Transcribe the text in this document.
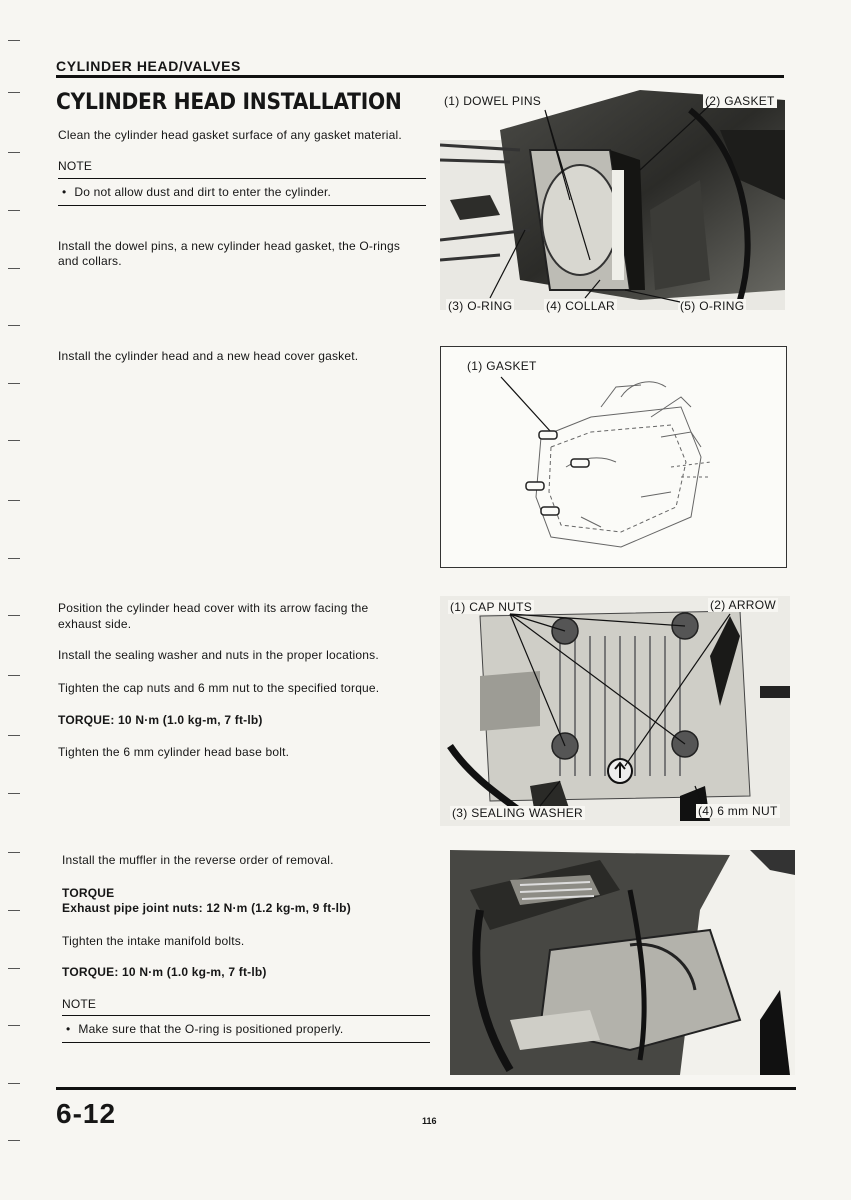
CYLINDER HEAD/VALVES
CYLINDER HEAD INSTALLATION
Clean the cylinder head gasket surface of any gasket material.
NOTE
• Do not allow dust and dirt to enter the cylinder.
Install the dowel pins, a new cylinder head gasket, the O-rings
and collars.
(1) DOWEL PINS	(2) GASKET
(3) O-RING	(4) COLLAR	(5) O-RING
Install the cylinder head and a new head cover gasket.
(1) GASKET
Position the cylinder head cover with its arrow facing the
exhaust side.
Install the sealing washer and nuts in the proper locations.
Tighten the cap nuts and 6 mm nut to the specified torque.
TORQUE: 10 N·m (1.0 kg-m, 7 ft-lb)
Tighten the 6 mm cylinder head base bolt.
(1) CAP NUTS	(2) ARROW
(3) SEALING WASHER	(4) 6 mm NUT
Install the muffler in the reverse order of removal.
TORQUE
Exhaust pipe joint nuts: 12 N·m (1.2 kg-m, 9 ft-lb)
Tighten the intake manifold bolts.
TORQUE: 10 N·m (1.0 kg-m, 7 ft-lb)
NOTE
• Make sure that the O-ring is positioned properly.
6-12	116
